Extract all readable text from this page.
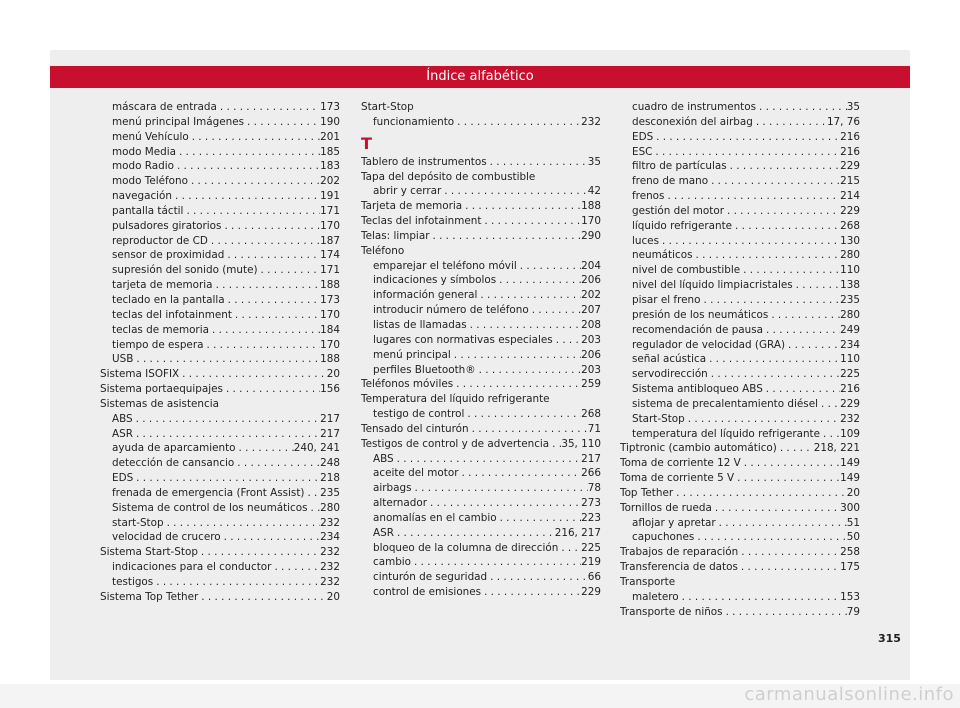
Índice alfabético
máscara de entrada . . .	173
menú principal Imágenes . . .	190
menú Vehículo . . .	201
modo Media . . .	185
modo Radio . . .	183
modo Teléfono . . .	202
navegación . . .	191
pantalla táctil . . .	171
pulsadores giratorios . . .	170
reproductor de CD . . .	187
sensor de proximidad . . .	174
supresión del sonido (mute) . . .	171
tarjeta de memoria . . .	188
teclado en la pantalla . . .	173
teclas del infotainment . . .	170
teclas de memoria . . .	184
tiempo de espera . . .	170
USB . . .	188
Sistema ISOFIX . . .	20
Sistema portaequipajes . . .	156
Sistemas de asistencia
ABS . . .	217
ASR . . .	217
ayuda de aparcamiento . . .	240, 241
detección de cansancio . . .	248
EDS . . .	218
frenada de emergencia (Front Assist) . . . 235
Sistema de control de los neumáticos . . . 280
start-Stop . . .	232
velocidad de crucero . . .	234
Sistema Start-Stop . . .	232
indicaciones para el conductor . . .	232
testigos . . .	232
Sistema Top Tether . . .	20
Start-Stop
funcionamiento . . .	232
T
Tablero de instrumentos . . .	35
Tapa del depósito de combustible
abrir y cerrar . . .	42
Tarjeta de memoria . . .	188
Teclas del infotainment . . .	170
Telas: limpiar . . .	290
Teléfono
emparejar el teléfono móvil . . .	204
indicaciones y símbolos . . .	206
información general . . .	202
introducir número de teléfono . . .	207
listas de llamadas . . .	208
lugares con normativas especiales . . .	203
menú principal . . .	206
perfiles Bluetooth® . . .	203
Teléfonos móviles . . .	259
Temperatura del líquido refrigerante
testigo de control . . .	268
Tensado del cinturón . . .	71
Testigos de control y de advertencia . . . 35, 110
ABS . . .	217
aceite del motor . . .	266
airbags . . .	78
alternador . . .	273
anomalías en el cambio . . .	223
ASR . . .	216, 217
bloqueo de la columna de dirección . . . 225
cambio . . .	219
cinturón de seguridad . . .	66
control de emisiones . . .	229
cuadro de instrumentos . . .	35
desconexión del airbag . . .	17, 76
EDS . . .	216
ESC . . .	216
filtro de partículas . . .	229
freno de mano . . .	215
frenos . . .	214
gestión del motor . . .	229
líquido refrigerante . . .	268
luces . . .	130
neumáticos . . .	280
nivel de combustible . . .	110
nivel del líquido limpiacristales . . .	138
pisar el freno . . .	235
presión de los neumáticos . . .	280
recomendación de pausa . . .	249
regulador de velocidad (GRA) . . .	234
señal acústica . . .	110
servodirección . . .	225
Sistema antibloqueo ABS . . .	216
sistema de precalentamiento diésel . . . 229
Start-Stop . . .	232
temperatura del líquido refrigerante . . . 109
Tiptronic (cambio automático) . . .	218, 221
Toma de corriente 12 V . . .	149
Toma de corriente 5 V . . .	149
Top Tether . . .	20
Tornillos de rueda . . .	300
aflojar y apretar . . .	51
capuchones . . .	50
Trabajos de reparación . . .	258
Transferencia de datos . . .	175
Transporte
maletero . . .	153
Transporte de niños . . .	79
315
carmanualsonline.info
